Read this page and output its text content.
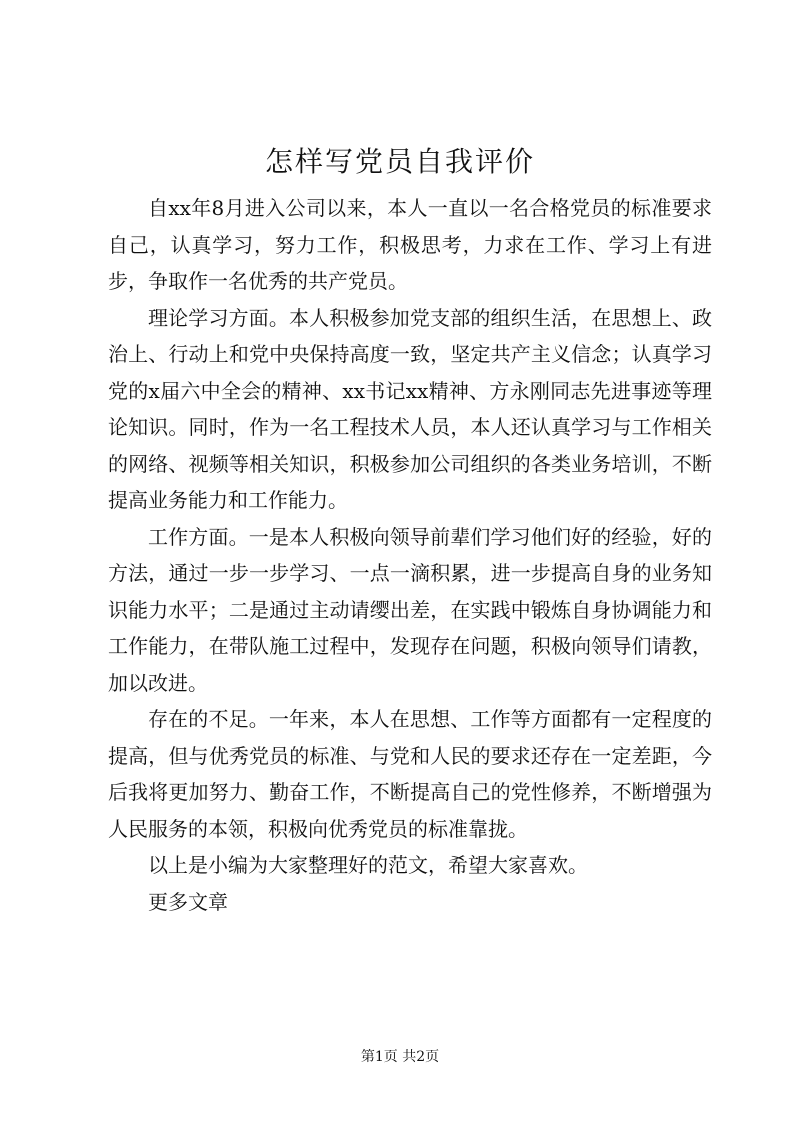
怎样写党员自我评价

自xx年8月进入公司以来，本人一直以一名合格党员的标准要求自己，认真学习，努力工作，积极思考，力求在工作、学习上有进步，争取作一名优秀的共产党员。

理论学习方面。本人积极参加党支部的组织生活，在思想上、政治上、行动上和党中央保持高度一致，坚定共产主义信念；认真学习党的x届六中全会的精神、xx书记xx精神、方永刚同志先进事迹等理论知识。同时，作为一名工程技术人员，本人还认真学习与工作相关的网络、视频等相关知识，积极参加公司组织的各类业务培训，不断提高业务能力和工作能力。

工作方面。一是本人积极向领导前辈们学习他们好的经验，好的方法，通过一步一步学习、一点一滴积累，进一步提高自身的业务知识能力水平；二是通过主动请缨出差，在实践中锻炼自身协调能力和工作能力，在带队施工过程中，发现存在问题，积极向领导们请教，加以改进。

存在的不足。一年来，本人在思想、工作等方面都有一定程度的提高，但与优秀党员的标准、与党和人民的要求还存在一定差距，今后我将更加努力、勤奋工作，不断提高自己的党性修养，不断增强为人民服务的本领，积极向优秀党员的标准靠拢。

以上是小编为大家整理好的范文，希望大家喜欢。

更多文章

第1页 共2页
